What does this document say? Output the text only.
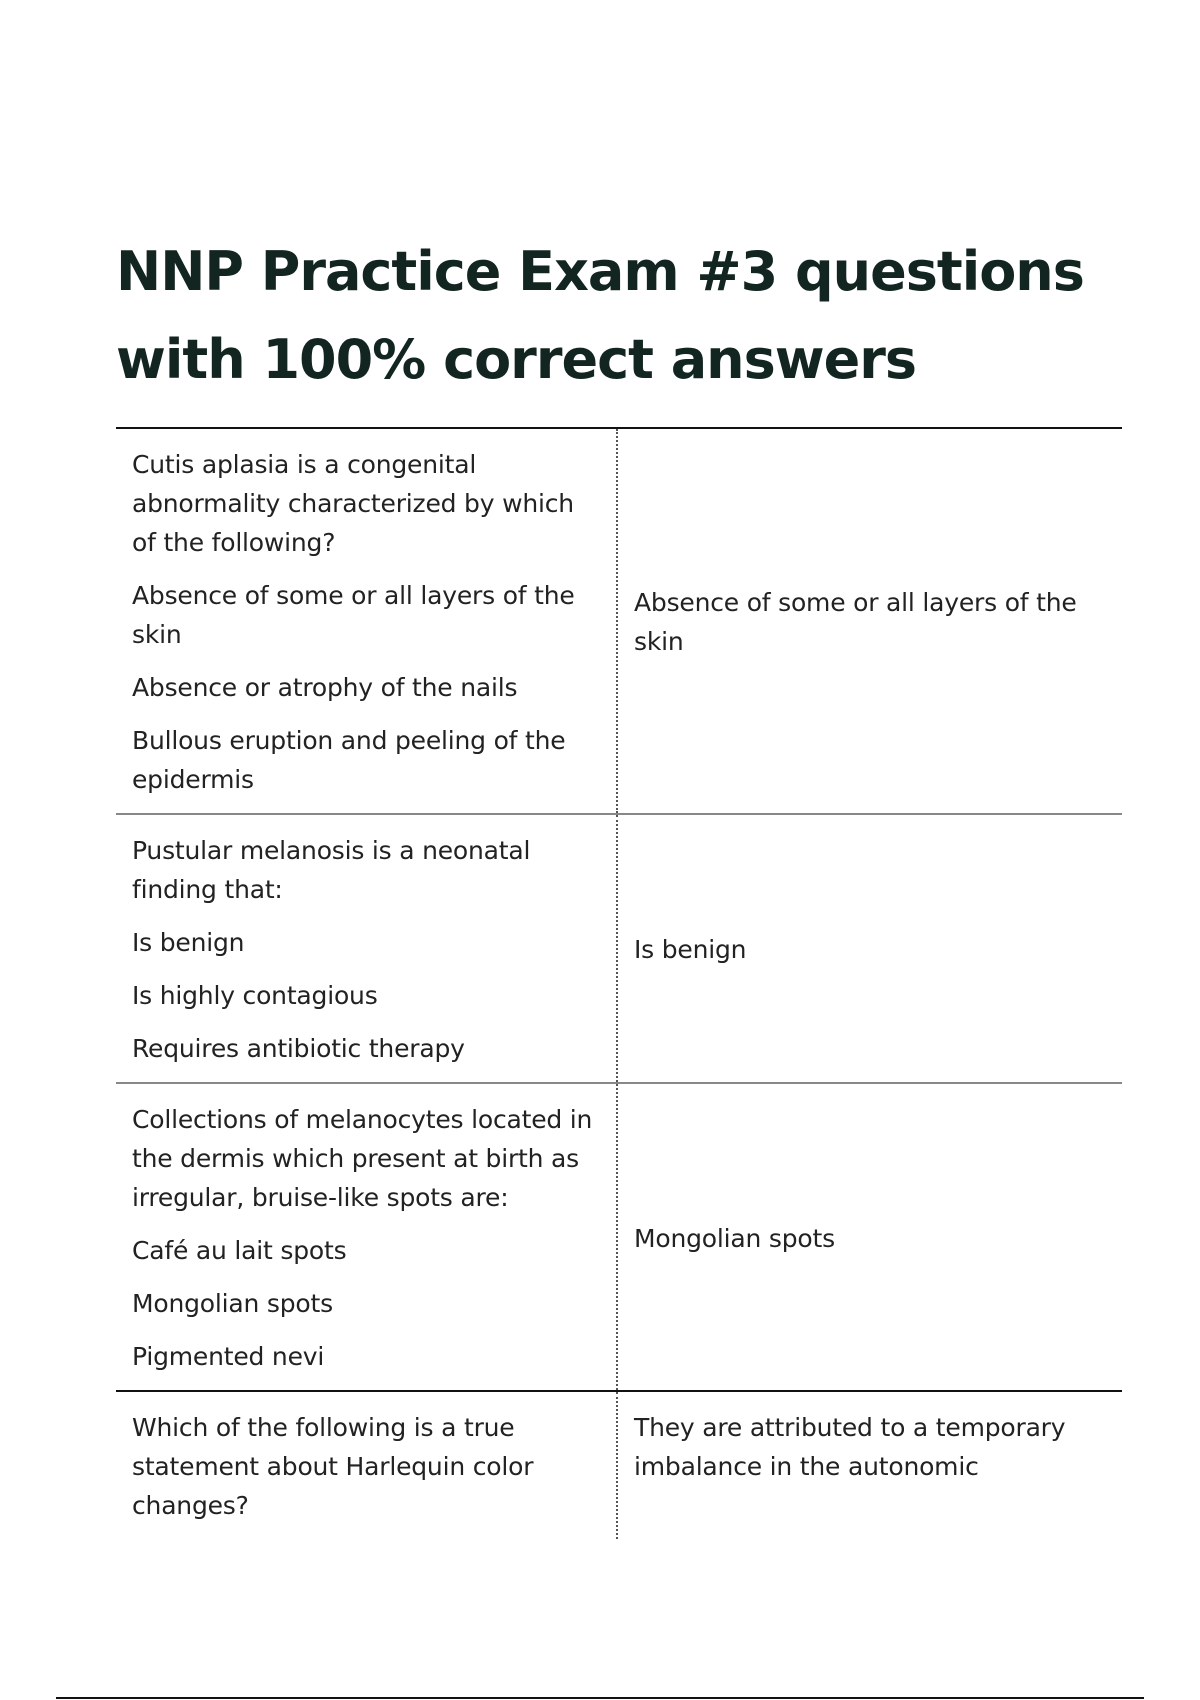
NNP Practice Exam #3 questions with 100% correct answers
Cutis aplasia is a congenital abnormality characterized by which of the following?
Absence of some or all layers of the skin
Absence or atrophy of the nails
Bullous eruption and peeling of the epidermis
Absence of some or all layers of the skin
Pustular melanosis is a neonatal finding that:
Is benign
Is highly contagious
Requires antibiotic therapy
Is benign
Collections of melanocytes located in the dermis which present at birth as irregular, bruise-like spots are:
Café au lait spots
Mongolian spots
Pigmented nevi
Mongolian spots
Which of the following is a true statement about Harlequin color changes?
They are attributed to a temporary imbalance in the autonomic
